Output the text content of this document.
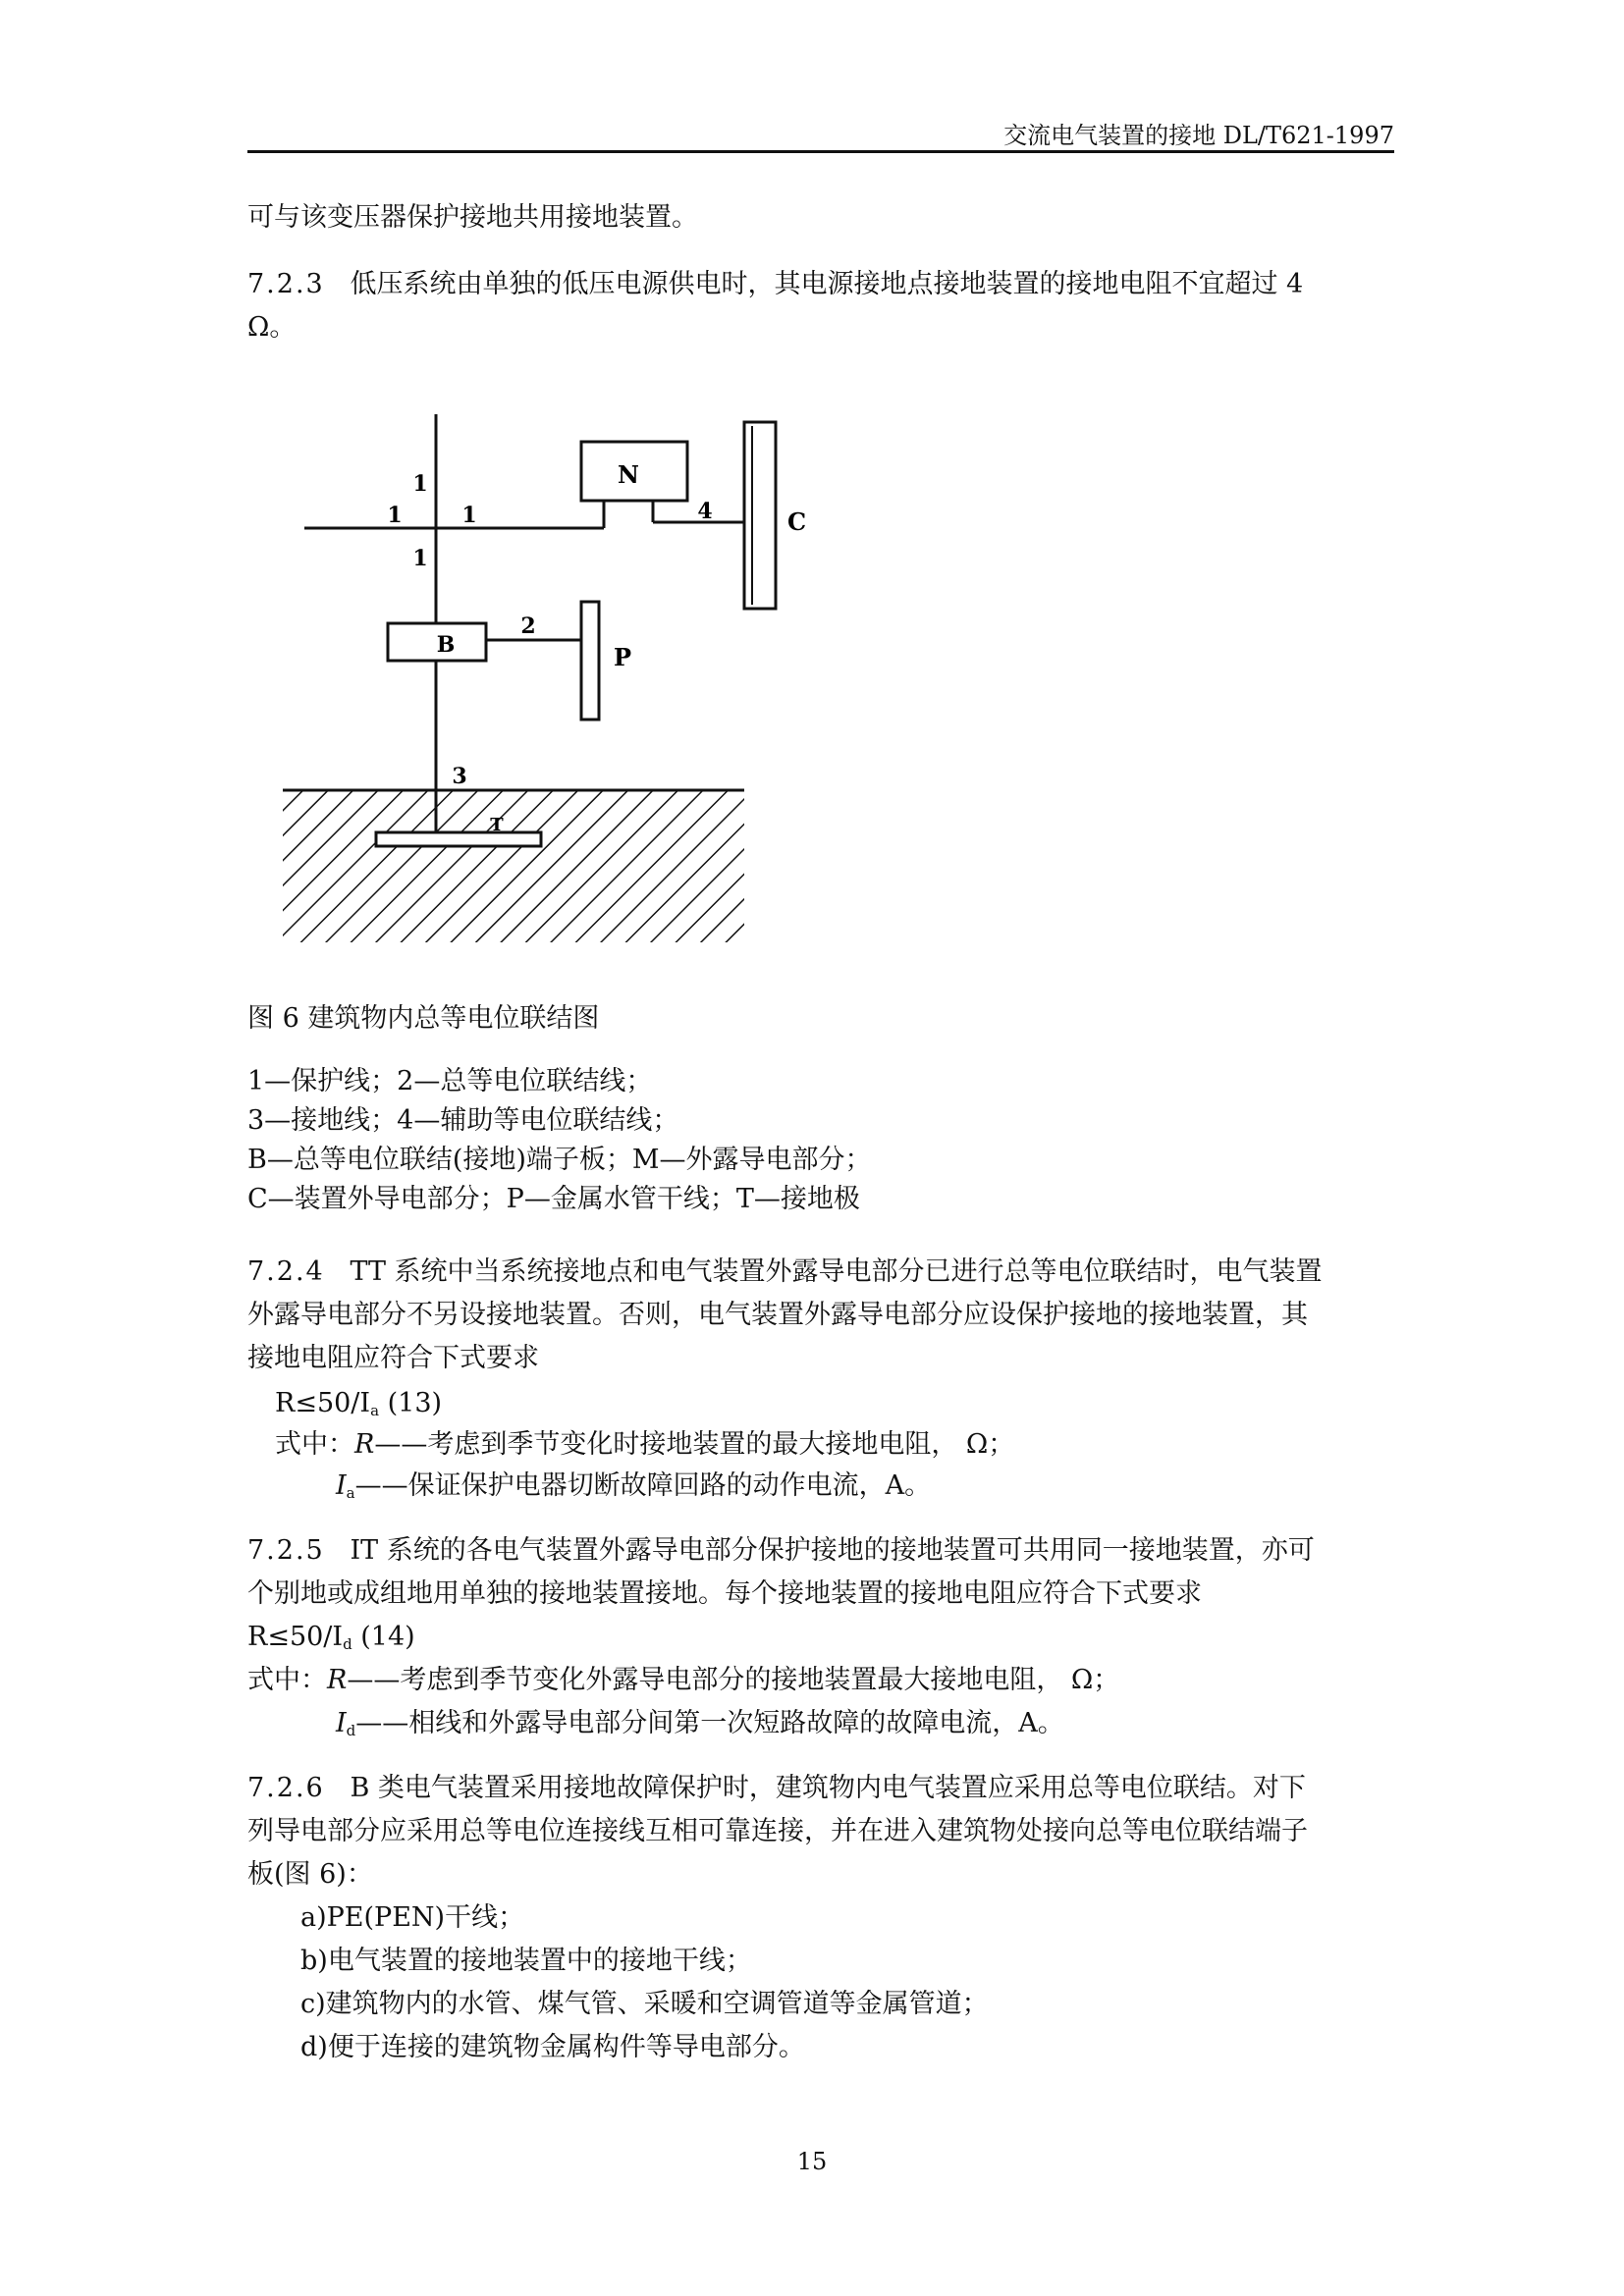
交流电气装置的接地 DL/T621-1997
可与该变压器保护接地共用接地装置。
7.2.3 低压系统由单独的低压电源供电时，其电源接地点接地装置的接地电阻不宜超过 4
Ω。
N
C
B	P
T
1
1	1
1
4
2
3
图 6 建筑物内总等电位联结图
1—保护线；2—总等电位联结线；
3—接地线；4—辅助等电位联结线；
B—总等电位联结(接地)端子板；M—外露导电部分；
C—装置外导电部分；P—金属水管干线；T—接地极
7.2.4 TT 系统中当系统接地点和电气装置外露导电部分已进行总等电位联结时，电气装置
外露导电部分不另设接地装置。否则，电气装置外露导电部分应设保护接地的接地装置，其
接地电阻应符合下式要求
$R\le 50/I_a$ (13)
式中：R——考虑到季节变化时接地装置的最大接地电阻， Ω；
$I_a——$保证保护电器切断故障回路的动作电流，A。
7.2.5 IT 系统的各电气装置外露导电部分保护接地的接地装置可共用同一接地装置，亦可
个别地或成组地用单独的接地装置接地。每个接地装置的接地电阻应符合下式要求
$R\le 50/I_d$ (14)
式中：R——考虑到季节变化外露导电部分的接地装置最大接地电阻， Ω；
$I_d——$相线和外露导电部分间第一次短路故障的故障电流，A。
7.2.6 B 类电气装置采用接地故障保护时，建筑物内电气装置应采用总等电位联结。对下
列导电部分应采用总等电位连接线互相可靠连接，并在进入建筑物处接向总等电位联结端子
板(图 6)：
a)PE(PEN)干线；
b)电气装置的接地装置中的接地干线；
c)建筑物内的水管、煤气管、采暖和空调管道等金属管道；
d)便于连接的建筑物金属构件等导电部分。
15
